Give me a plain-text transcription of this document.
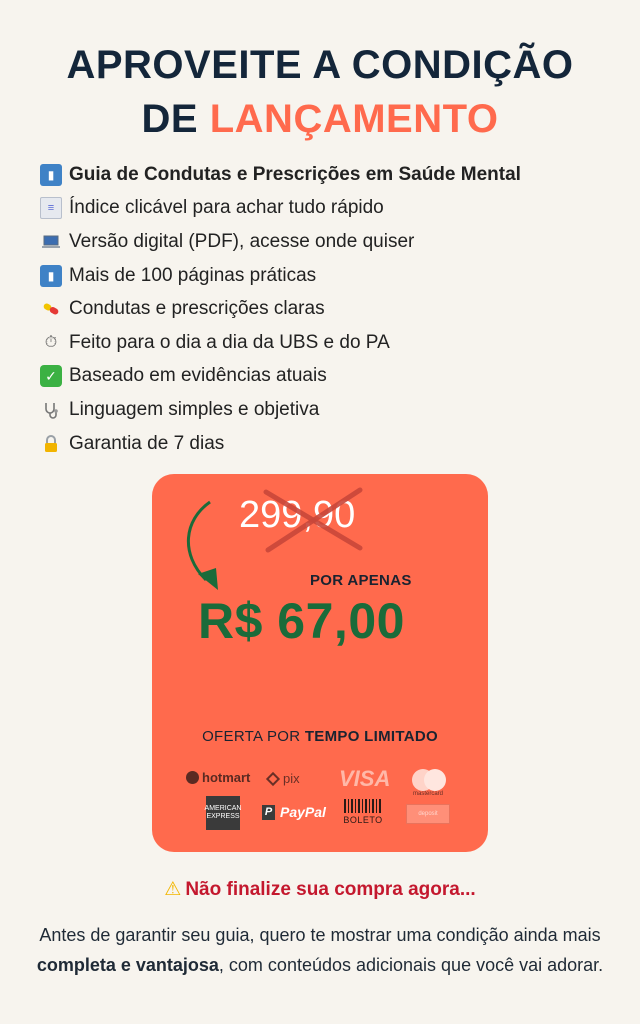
APROVEITE A CONDIÇÃO
DE LANÇAMENTO
▮ Guia de Condutas e Prescrições em Saúde Mental
≡ Índice clicável para achar tudo rápido
Versão digital (PDF), acesse onde quiser
▮ Mais de 100 páginas práticas
Condutas e prescrições claras
⏱ Feito para o dia a dia da UBS e do PA
✓ Baseado em evidências atuais
Linguagem simples e objetiva
Garantia de 7 dias
299,90
POR APENAS
R$ 67,00
OFERTA POR TEMPO LIMITADO
hotmart	pix VISA
mastercard
AMERICAN EXPRESS P PayPal BOLETO
deposit
⚠ Não finalize sua compra agora...

Antes de garantir seu guia, quero te mostrar uma condição ainda mais completa e vantajosa, com conteúdos adicionais que você vai adorar.
